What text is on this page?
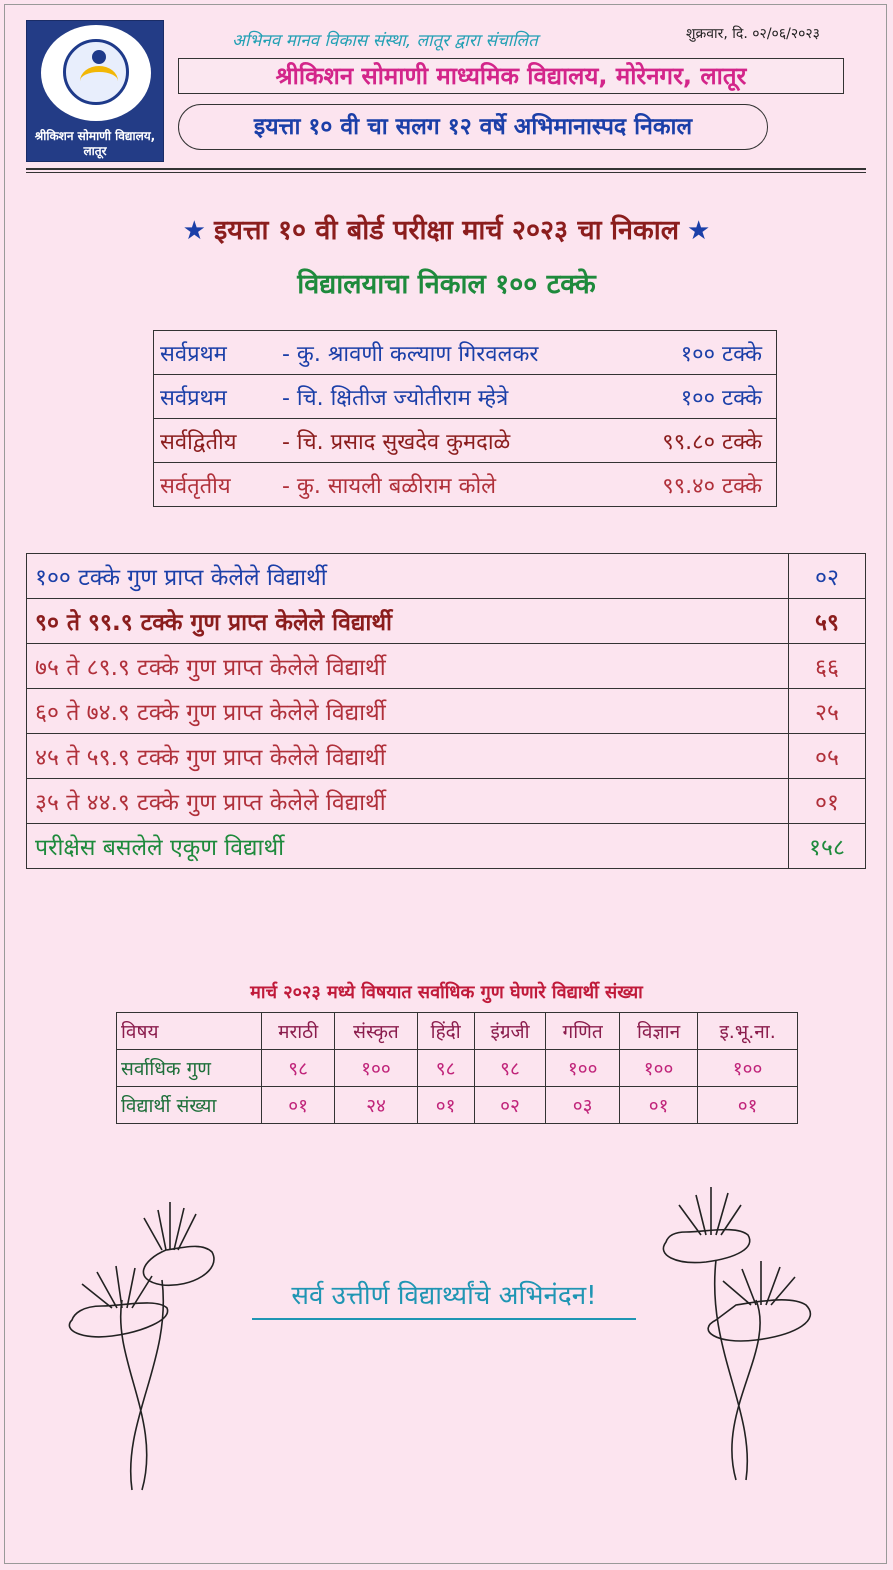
श्रीकिशन सोमाणी विद्यालय, लातूर
अभिनव मानव विकास संस्था, लातूर द्वारा संचालित	शुक्रवार, दि. ०२/०६/२०२३
श्रीकिशन सोमाणी माध्यमिक विद्यालय, मोरेनगर, लातूर
इयत्ता १० वी चा सलग १२ वर्षे अभिमानास्पद निकाल
★ इयत्ता १० वी बोर्ड परीक्षा मार्च २०२३ चा निकाल ★
विद्यालयाचा निकाल १०० टक्के
सर्वप्रथम	- कु. श्रावणी कल्याण गिरवलकर	१०० टक्के
सर्वप्रथम	- चि. क्षितीज ज्योतीराम म्हेत्रे	१०० टक्के
सर्वद्वितीय	- चि. प्रसाद सुखदेव कुमदाळे	९९.८० टक्के
सर्वतृतीय	- कु. सायली बळीराम कोले	९९.४० टक्के
१०० टक्के गुण प्राप्त केलेले विद्यार्थी	०२
९० ते ९९.९ टक्के गुण प्राप्त केलेले विद्यार्थी	५९
७५ ते ८९.९ टक्के गुण प्राप्त केलेले विद्यार्थी	६६
६० ते ७४.९ टक्के गुण प्राप्त केलेले विद्यार्थी	२५
४५ ते ५९.९ टक्के गुण प्राप्त केलेले विद्यार्थी	०५
३५ ते ४४.९ टक्के गुण प्राप्त केलेले विद्यार्थी	०१
परीक्षेस बसलेले एकूण विद्यार्थी	१५८
मार्च २०२३ मध्ये विषयात सर्वाधिक गुण घेणारे विद्यार्थी संख्या
विषय	मराठी	संस्कृत	हिंदी	इंग्रजी	गणित	विज्ञान	इ.भू.ना.
सर्वाधिक गुण	९८	१००	९८	९८	१००	१००	१००
विद्यार्थी संख्या	०१	२४	०१	०२	०३	०१	०१
सर्व उत्तीर्ण विद्यार्थ्यांचे अभिनंदन!
